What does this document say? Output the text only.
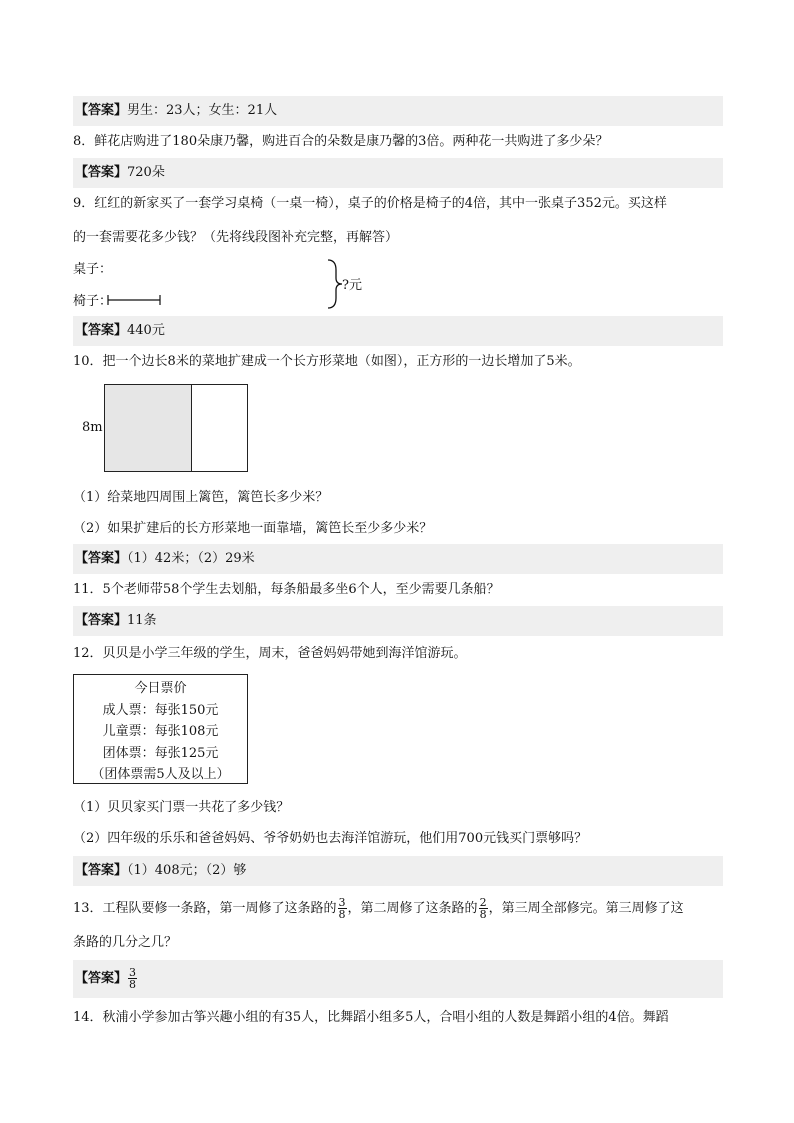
【答案】男生：23人；女生：21人
8．鲜花店购进了180朵康乃馨，购进百合的朵数是康乃馨的3倍。两种花一共购进了多少朵？
【答案】720朵
9．红红的新家买了一套学习桌椅（一桌一椅），桌子的价格是椅子的4倍，其中一张桌子352元。买这样
的一套需要花多少钱？（先将线段图补充完整，再解答）
桌子：
椅子：
?元
【答案】440元
10．把一个边长8米的菜地扩建成一个长方形菜地（如图），正方形的一边长增加了5米。
8m
（1）给菜地四周围上篱笆，篱笆长多少米？
（2）如果扩建后的长方形菜地一面靠墙，篱笆长至少多少米？
【答案】（1）42米；（2）29米
11．5个老师带58个学生去划船，每条船最多坐6个人，至少需要几条船？
【答案】11条
12．贝贝是小学三年级的学生，周末，爸爸妈妈带她到海洋馆游玩。
今日票价
成人票：每张150元
儿童票：每张108元
团体票：每张125元
（团体票需5人及以上）
（1）贝贝家买门票一共花了多少钱？
（2）四年级的乐乐和爸爸妈妈、爷爷奶奶也去海洋馆游玩，他们用700元钱买门票够吗？
【答案】（1）408元；（2）够
13．工程队要修一条路，第一周修了这条路的 $\frac{3}{8}$ ，第二周修了这条路的 $\frac{2}{8}$ ，第三周全部修完。第三周修了这
条路的几分之几？
【答案】 $\frac{3}{8}$
14．秋浦小学参加古筝兴趣小组的有35人，比舞蹈小组多5人，合唱小组的人数是舞蹈小组的4倍。舞蹈
